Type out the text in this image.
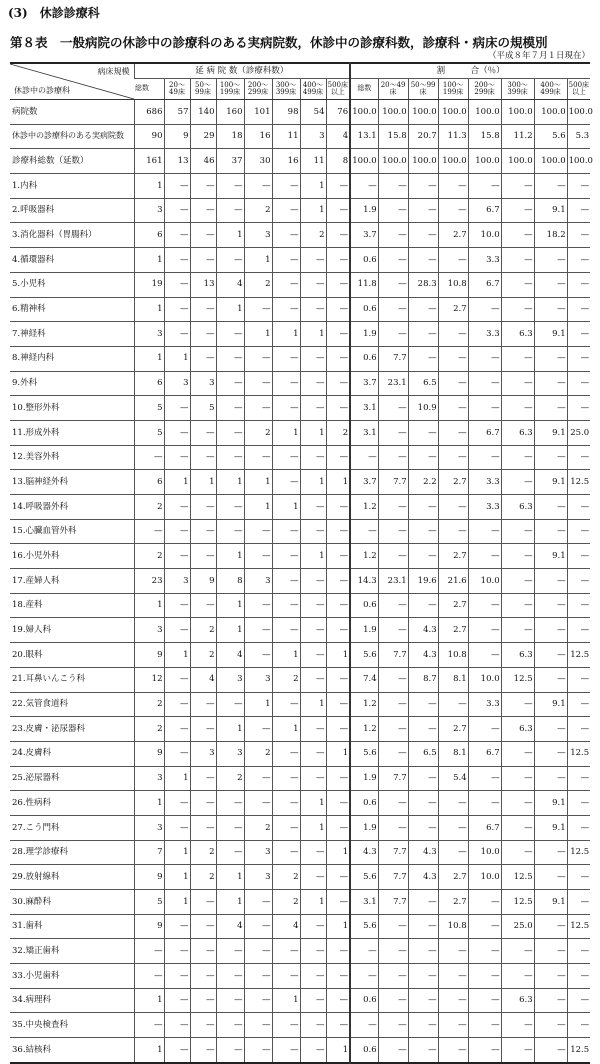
(3)　休診診療科
第８表　一般病院の休診中の診療科のある実病院数，休診中の診療科数，診療科・病床の規模別
（平成８年７月１日現在）
病床規模
休診中の診療科	延 病 院 数（診療科数）								割　　　合（％）							
	総数	20～49床	50～99床	100～199床	200～299床	300～399床	400～499床	500床以上	総数	20～49床	50～99床	100～199床	200～299床	300～399床	400～499床	500床以上
病院数	686	57	140	160	101	98	54	76	100.0	100.0	100.0	100.0	100.0	100.0	100.0	100.0
休診中の診療科のある実病院数	90	9	29	18	16	11	3	4	13.1	15.8	20.7	11.3	15.8	11.2	5.6	5.3
診療科総数（延数）	161	13	46	37	30	16	11	8	100.0	100.0	100.0	100.0	100.0	100.0	100.0	100.0
1.内科	1	—	—	—	—	—	1	—	—	—	—	—	—	—	—	—
2.呼吸器科	3	—	—	—	2	—	1	—	1.9	—	—	—	6.7	—	9.1	—
3.消化器科（胃腸科）	6	—	—	1	3	—	2	—	3.7	—	—	2.7	10.0	—	18.2	—
4.循環器科	1	—	—	—	1	—	—	—	0.6	—	—	—	3.3	—	—	—
5.小児科	19	—	13	4	2	—	—	—	11.8	—	28.3	10.8	6.7	—	—	—
6.精神科	1	—	—	1	—	—	—	—	0.6	—	—	2.7	—	—	—	—
7.神経科	3	—	—	—	1	1	1	—	1.9	—	—	—	3.3	6.3	9.1	—
8.神経内科	1	1	—	—	—	—	—	—	0.6	7.7	—	—	—	—	—	—
9.外科	6	3	3	—	—	—	—	—	3.7	23.1	6.5	—	—	—	—	—
10.整形外科	5	—	5	—	—	—	—	—	3.1	—	10.9	—	—	—	—	—
11.形成外科	5	—	—	—	2	1	1	2	3.1	—	—	—	6.7	6.3	9.1	25.0
12.美容外科	—	—	—	—	—	—	—	—	—	—	—	—	—	—	—	—
13.脳神経外科	6	1	1	1	1	—	1	1	3.7	7.7	2.2	2.7	3.3	—	9.1	12.5
14.呼吸器外科	2	—	—	—	1	1	—	—	1.2	—	—	—	3.3	6.3	—	—
15.心臓血管外科	—	—	—	—	—	—	—	—	—	—	—	—	—	—	—	—
16.小児外科	2	—	—	1	—	—	1	—	1.2	—	—	2.7	—	—	9.1	—
17.産婦人科	23	3	9	8	3	—	—	—	14.3	23.1	19.6	21.6	10.0	—	—	—
18.産科	1	—	—	1	—	—	—	—	0.6	—	—	2.7	—	—	—	—
19.婦人科	3	—	2	1	—	—	—	—	1.9	—	4.3	2.7	—	—	—	—
20.眼科	9	1	2	4	—	1	—	1	5.6	7.7	4.3	10.8	—	6.3	—	12.5
21.耳鼻いんこう科	12	—	4	3	3	2	—	—	7.4	—	8.7	8.1	10.0	12.5	—	—
22.気管食道科	2	—	—	—	1	—	1	—	1.2	—	—	—	3.3	—	9.1	—
23.皮膚・泌尿器科	2	—	—	1	—	1	—	—	1.2	—	—	2.7	—	6.3	—	—
24.皮膚科	9	—	3	3	2	—	—	1	5.6	—	6.5	8.1	6.7	—	—	12.5
25.泌尿器科	3	1	—	2	—	—	—	—	1.9	7.7	—	5.4	—	—	—	—
26.性病科	1	—	—	—	—	—	1	—	0.6	—	—	—	—	—	9.1	—
27.こう門科	3	—	—	—	2	—	1	—	1.9	—	—	—	6.7	—	9.1	—
28.理学診療科	7	1	2	—	3	—	—	1	4.3	7.7	4.3	—	10.0	—	—	12.5
29.放射線科	9	1	2	1	3	2	—	—	5.6	7.7	4.3	2.7	10.0	12.5	—	—
30.麻酔科	5	1	—	1	—	2	1	—	3.1	7.7	—	2.7	—	12.5	9.1	—
31.歯科	9	—	—	4	—	4	—	1	5.6	—	—	10.8	—	25.0	—	12.5
32.矯正歯科	—	—	—	—	—	—	—	—	—	—	—	—	—	—	—	—
33.小児歯科	—	—	—	—	—	—	—	—	—	—	—	—	—	—	—	—
34.病理科	1	—	—	—	—	1	—	—	0.6	—	—	—	—	6.3	—	—
35.中央検査科	—	—	—	—	—	—	—	—	—	—	—	—	—	—	—	—
36.結核科	1	—	—	—	—	—	—	1	0.6	—	—	—	—	—	—	12.5
